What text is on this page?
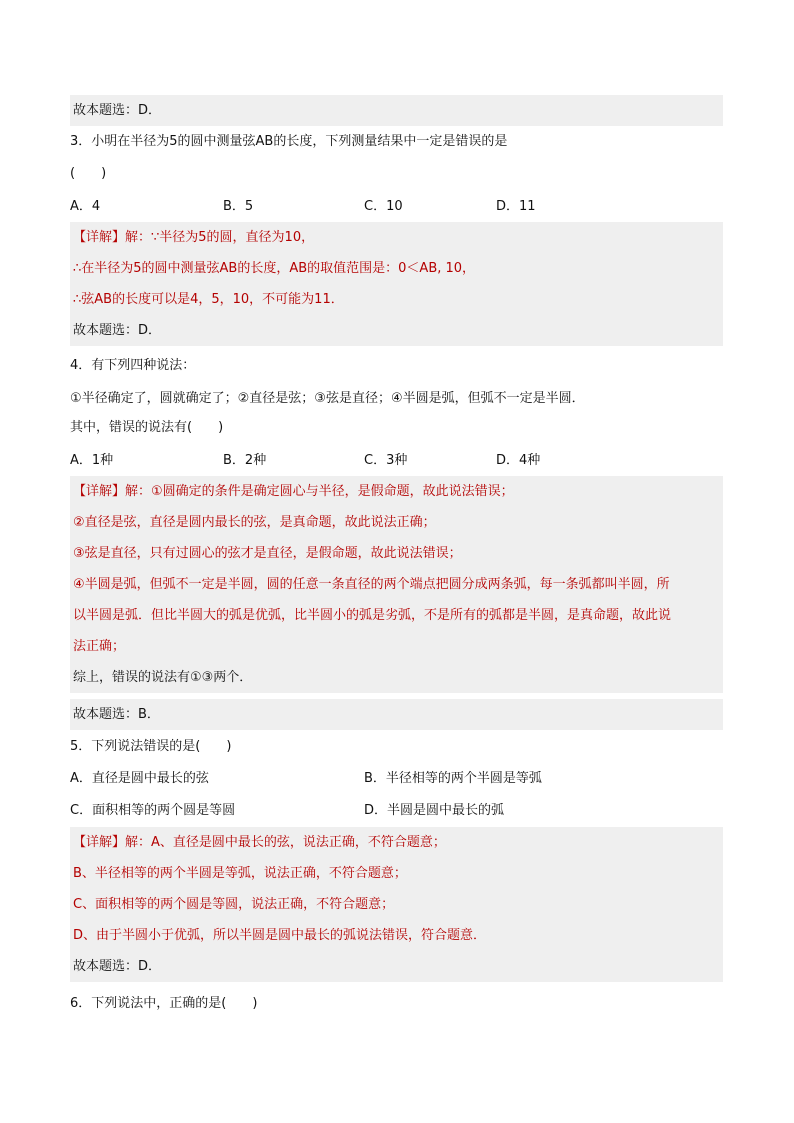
故本题选：D．
3．小明在半径为5的圆中测量弦AB的长度，下列测量结果中一定是错误的是
(　　)
A．4	B．5	C．10	D．11
【详解】解：∵半径为5的圆，直径为10，
∴在半径为5的圆中测量弦AB的长度，AB的取值范围是：0＜AB, 10，
∴弦AB的长度可以是4，5，10，不可能为11．
故本题选：D．
4．有下列四种说法：
①半径确定了，圆就确定了；②直径是弦；③弦是直径；④半圆是弧，但弧不一定是半圆．
其中，错误的说法有(　　)
A．1种	B．2种	C．3种	D．4种
【详解】解：①圆确定的条件是确定圆心与半径，是假命题，故此说法错误；
②直径是弦，直径是圆内最长的弦，是真命题，故此说法正确；
③弦是直径，只有过圆心的弦才是直径，是假命题，故此说法错误；
④半圆是弧，但弧不一定是半圆，圆的任意一条直径的两个端点把圆分成两条弧，每一条弧都叫半圆，所
以半圆是弧．但比半圆大的弧是优弧，比半圆小的弧是劣弧，不是所有的弧都是半圆，是真命题，故此说
法正确；
综上，错误的说法有①③两个．
故本题选：B．
5．下列说法错误的是(　　)
A．直径是圆中最长的弦	B．半径相等的两个半圆是等弧
C．面积相等的两个圆是等圆	D．半圆是圆中最长的弧
【详解】解：A、直径是圆中最长的弦，说法正确，不符合题意；
B、半径相等的两个半圆是等弧，说法正确，不符合题意；
C、面积相等的两个圆是等圆，说法正确，不符合题意；
D、由于半圆小于优弧，所以半圆是圆中最长的弧说法错误，符合题意．
故本题选：D．
6．下列说法中，正确的是(　　)
